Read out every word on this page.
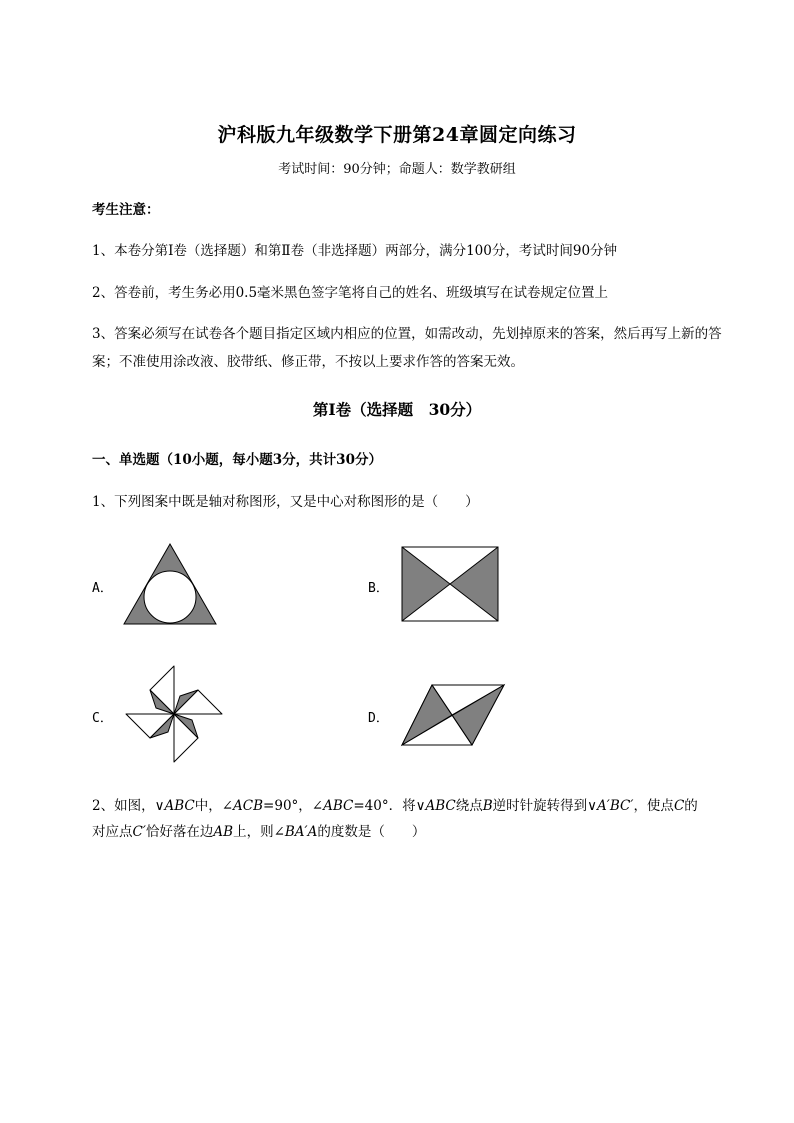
沪科版九年级数学下册第24章圆定向练习
考试时间：90分钟；命题人：数学教研组
考生注意：
1、本卷分第I卷（选择题）和第Ⅱ卷（非选择题）两部分，满分100分，考试时间90分钟
2、答卷前，考生务必用0.5毫米黑色签字笔将自己的姓名、班级填写在试卷规定位置上
3、答案必须写在试卷各个题目指定区域内相应的位置，如需改动，先划掉原来的答案，然后再写上新的答案；不准使用涂改液、胶带纸、修正带，不按以上要求作答的答案无效。
第I卷（选择题　30分）
一、单选题（10小题，每小题3分，共计30分）
1、下列图案中既是轴对称图形，又是中心对称图形的是（　　）
A．	B．
C．	D．
2、如图，∨ABC中，∠ACB=90°，∠ABC=40°．将∨ABC绕点B逆时针旋转得到∨A′BC′，使点C的
对应点C′恰好落在边AB上，则∠BA′A的度数是（　　）
